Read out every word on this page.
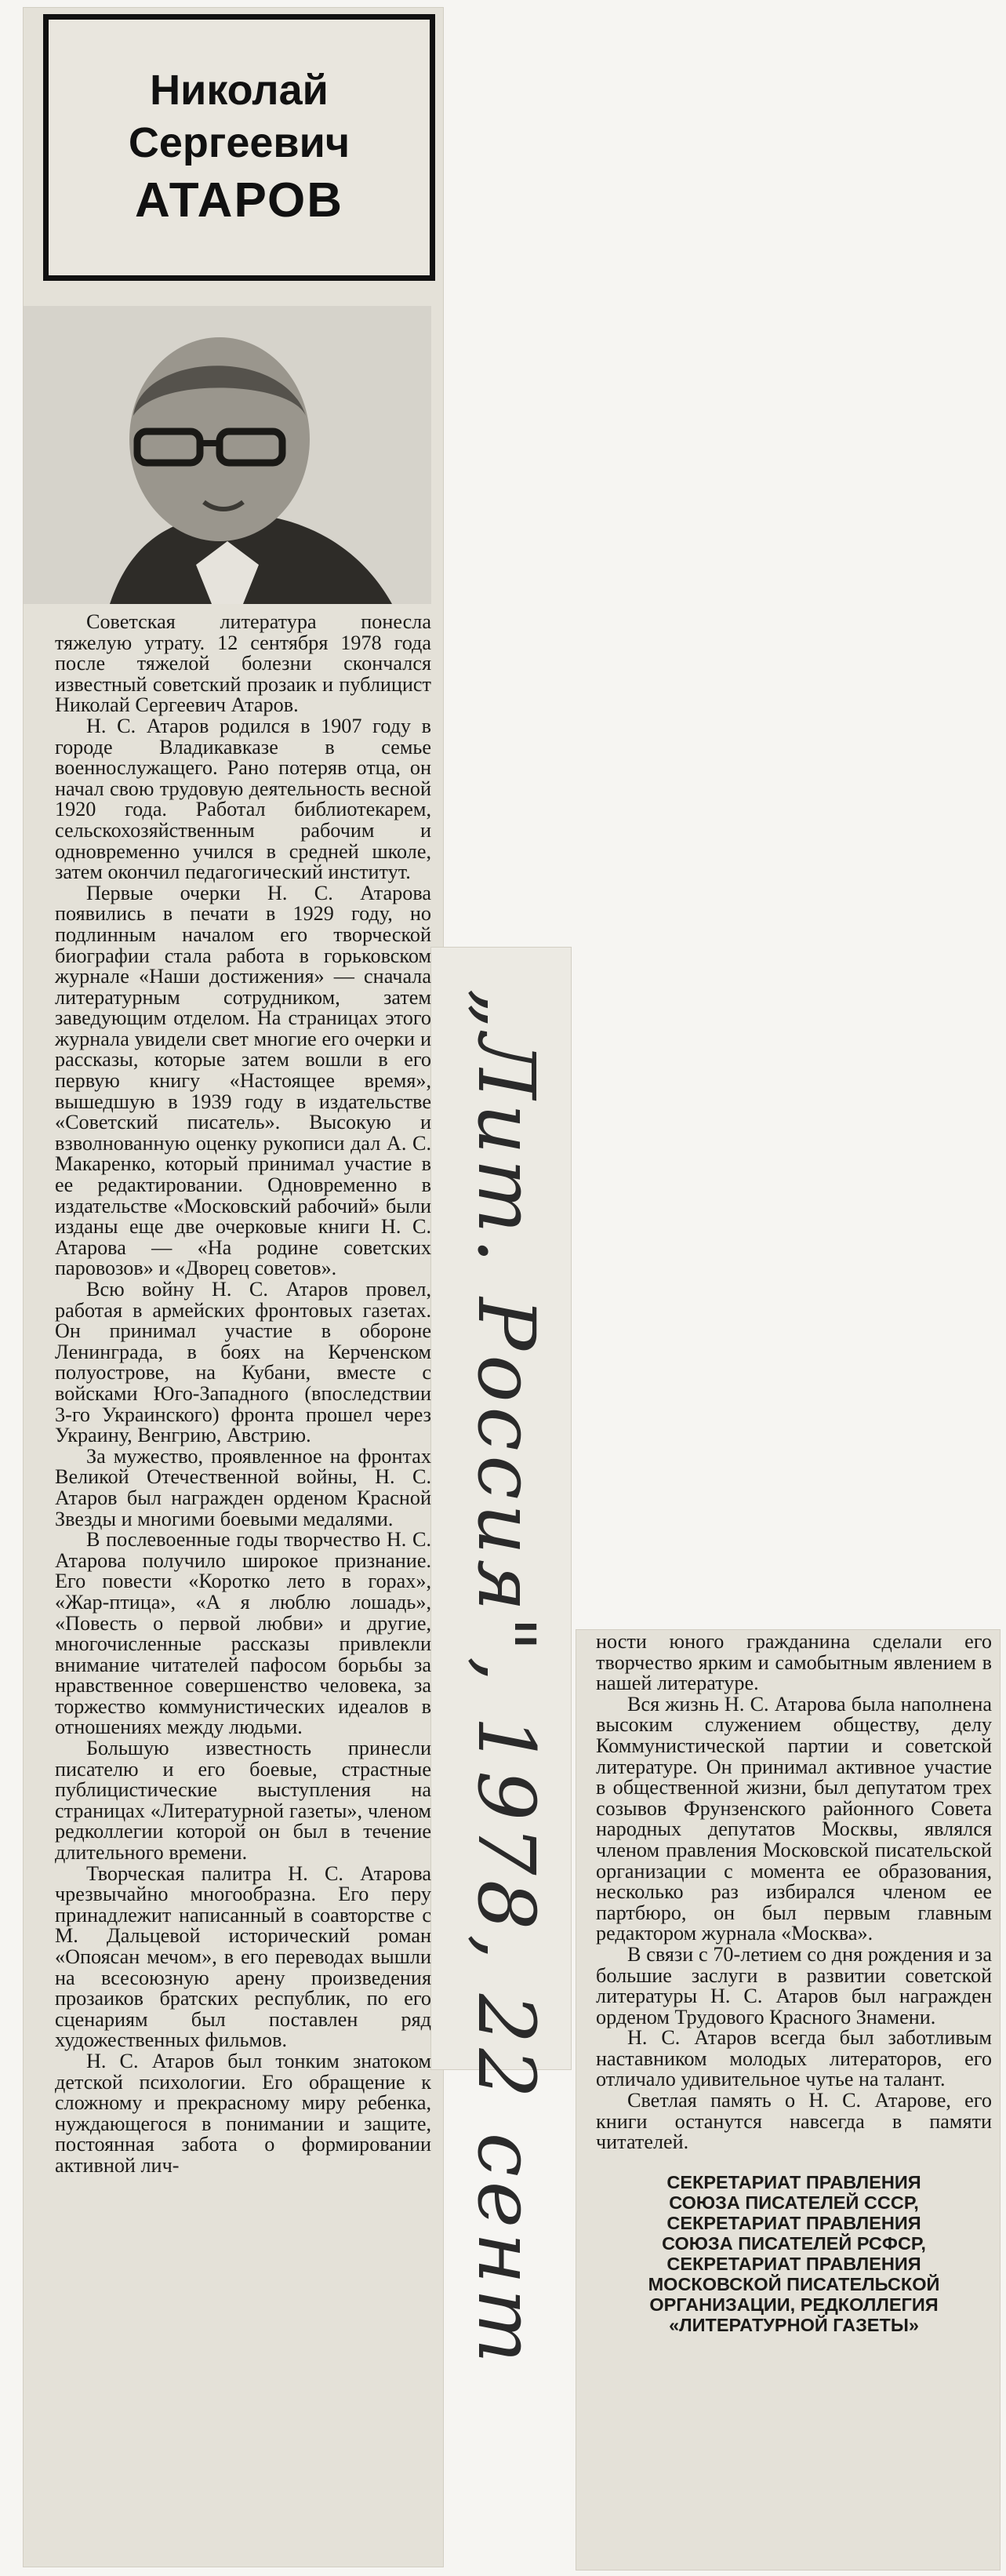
Николай
Сергеевич
АТАРОВ

Советская литература понесла тяжелую утрату. 12 сентября 1978 года после тяжелой болезни скончался известный советский прозаик и публицист Николай Сергеевич Атаров.

Н. С. Атаров родился в 1907 году в городе Владикавказе в семье военнослужащего. Рано потеряв отца, он начал свою трудовую деятельность весной 1920 года. Работал библиотекарем, сельскохозяйственным рабочим и одновременно учился в средней школе, затем окончил педагогический институт.

Первые очерки Н. С. Атарова появились в печати в 1929 году, но подлинным началом его творческой биографии стала работа в горьковском журнале «Наши достижения» — сначала литературным сотрудником, затем заведующим отделом. На страницах этого журнала увидели свет многие его очерки и рассказы, которые затем вошли в его первую книгу «Настоящее время», вышедшую в 1939 году в издательстве «Советский писатель». Высокую и взволнованную оценку рукописи дал А. С. Макаренко, который принимал участие в ее редактировании. Одновременно в издательстве «Московский рабочий» были изданы еще две очерковые книги Н. С. Атарова — «На родине советских паровозов» и «Дворец советов».

Всю войну Н. С. Атаров провел, работая в армейских фронтовых газетах. Он принимал участие в обороне Ленинграда, в боях на Керченском полуострове, на Кубани, вместе с войсками Юго-Западного (впоследствии 3-го Украинского) фронта прошел через Украину, Венгрию, Австрию.

За мужество, проявленное на фронтах Великой Отечественной войны, Н. С. Атаров был награжден орденом Красной Звезды и многими боевыми медалями.

В послевоенные годы творчество Н. С. Атарова получило широкое признание. Его повести «Коротко лето в горах», «Жар-птица», «А я люблю лошадь», «Повесть о первой любви» и другие, многочисленные рассказы привлекли внимание читателей пафосом борьбы за нравственное совершенство человека, за торжество коммунистических идеалов в отношениях между людьми.

Большую известность принесли писателю и его боевые, страстные публицистические выступления на страницах «Литературной газеты», членом редколлегии которой он был в течение длительного времени.

Творческая палитра Н. С. Атарова чрезвычайно многообразна. Его перу принадлежит написанный в соавторстве с М. Дальцевой исторический роман «Опоясан мечом», в его переводах вышли на всесоюзную арену произведения прозаиков братских республик, по его сценариям был поставлен ряд художественных фильмов.

Н. С. Атаров был тонким знатоком детской психологии. Его обращение к сложному и прекрасному миру ребенка, нуждающегося в понимании и защите, постоянная забота о формировании активной лич-	„Лит. Россия", 1978, 22 сент	ности юного гражданина сделали его творчество ярким и самобытным явлением в нашей литературе.

Вся жизнь Н. С. Атарова была наполнена высоким служением обществу, делу Коммунистической партии и советской литературе. Он принимал активное участие в общественной жизни, был депутатом трех созывов Фрунзенского районного Совета народных депутатов Москвы, являлся членом правления Московской писательской организации с момента ее образования, несколько раз избирался членом ее партбюро, он был первым главным редактором журнала «Москва».

В связи с 70-летием со дня рождения и за большие заслуги в развитии советской литературы Н. С. Атаров был награжден орденом Трудового Красного Знамени.

Н. С. Атаров всегда был заботливым наставником молодых литераторов, его отличало удивительное чутье на талант.

Светлая память о Н. С. Атарове, его книги останутся навсегда в памяти читателей.

СЕКРЕТАРИАТ ПРАВЛЕНИЯ
СОЮЗА ПИСАТЕЛЕЙ СССР,
СЕКРЕТАРИАТ ПРАВЛЕНИЯ
СОЮЗА ПИСАТЕЛЕЙ РСФСР,
СЕКРЕТАРИАТ ПРАВЛЕНИЯ
МОСКОВСКОЙ ПИСАТЕЛЬСКОЙ
ОРГАНИЗАЦИИ, РЕДКОЛЛЕГИЯ
«ЛИТЕРАТУРНОЙ ГАЗЕТЫ»
